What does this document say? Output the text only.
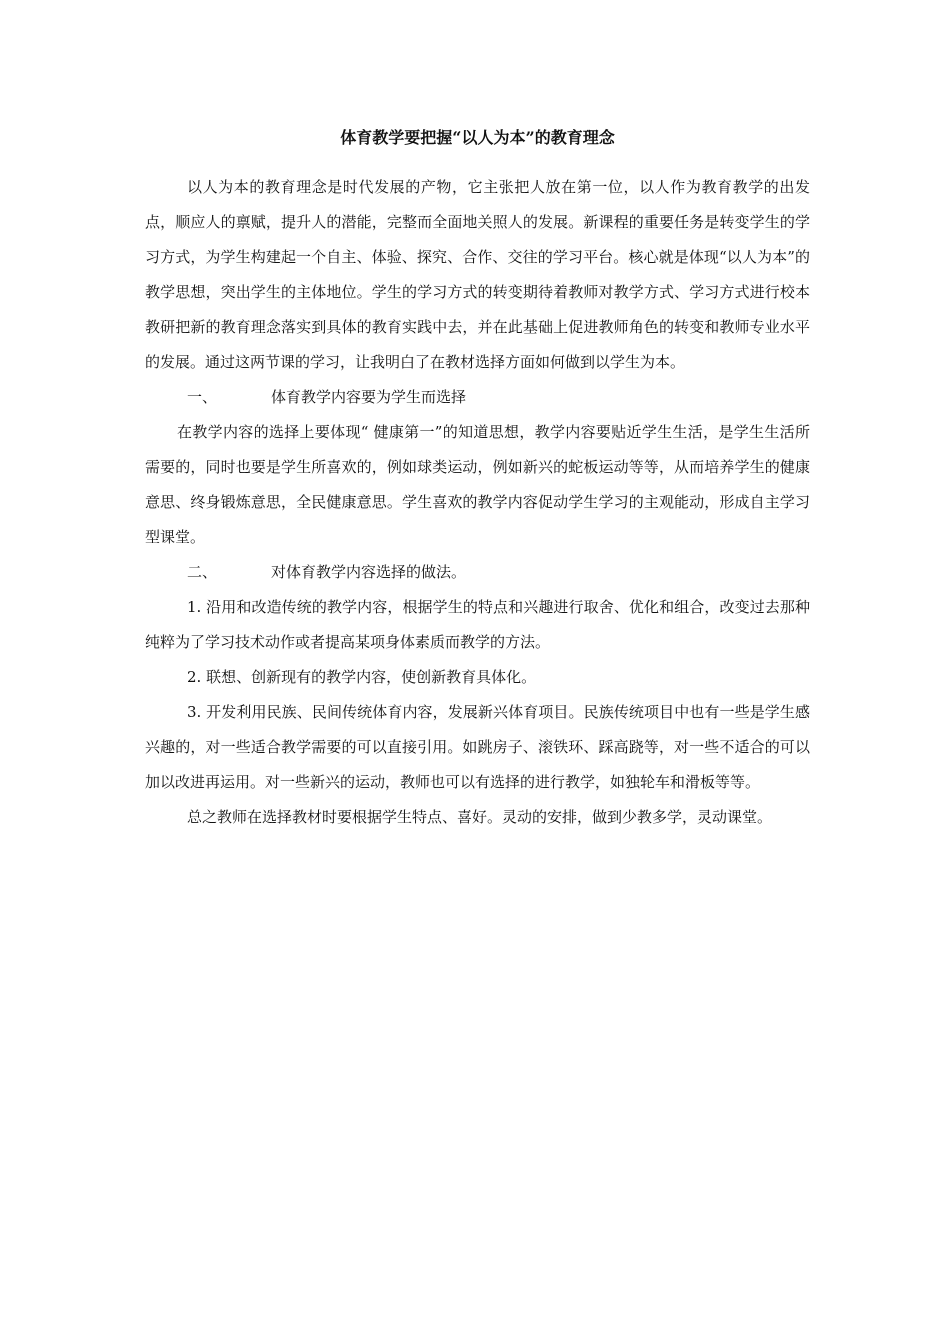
体育教学要把握“以人为本”的教育理念

以人为本的教育理念是时代发展的产物，它主张把人放在第一位，以人作为教育教学的出发点，顺应人的禀赋，提升人的潜能，完整而全面地关照人的发展。新课程的重要任务是转变学生的学习方式，为学生构建起一个自主、体验、探究、合作、交往的学习平台。核心就是体现“以人为本”的教学思想，突出学生的主体地位。学生的学习方式的转变期待着教师对教学方式、学习方式进行校本教研把新的教育理念落实到具体的教育实践中去，并在此基础上促进教师角色的转变和教师专业水平的发展。通过这两节课的学习，让我明白了在教材选择方面如何做到以学生为本。

一、	体育教学内容要为学生而选择

在教学内容的选择上要体现“ 健康第一”的知道思想，教学内容要贴近学生生活，是学生生活所需要的，同时也要是学生所喜欢的，例如球类运动，例如新兴的蛇板运动等等，从而培养学生的健康意思、终身锻炼意思，全民健康意思。学生喜欢的教学内容促动学生学习的主观能动，形成自主学习型课堂。

二、	对体育教学内容选择的做法。

1. 沿用和改造传统的教学内容，根据学生的特点和兴趣进行取舍、优化和组合，改变过去那种纯粹为了学习技术动作或者提高某项身体素质而教学的方法。

2. 联想、创新现有的教学内容，使创新教育具体化。

3. 开发利用民族、民间传统体育内容，发展新兴体育项目。民族传统项目中也有一些是学生感兴趣的，对一些适合教学需要的可以直接引用。如跳房子、滚铁环、踩高跷等，对一些不适合的可以加以改进再运用。对一些新兴的运动，教师也可以有选择的进行教学，如独轮车和滑板等等。

总之教师在选择教材时要根据学生特点、喜好。灵动的安排，做到少教多学，灵动课堂。
